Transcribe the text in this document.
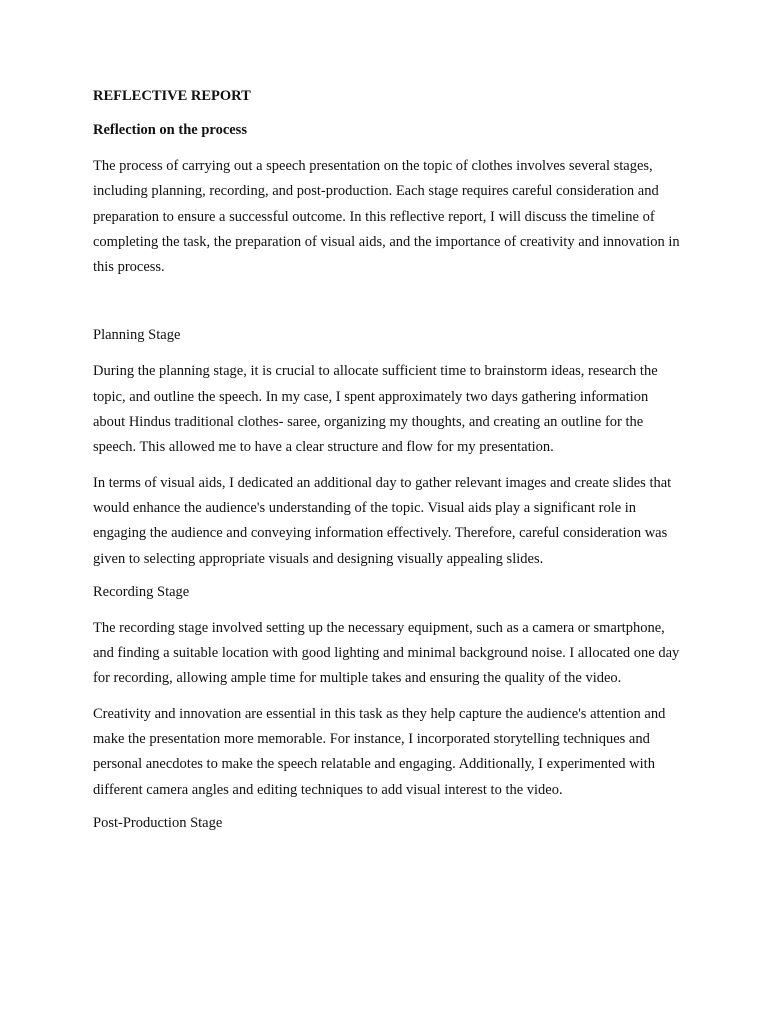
REFLECTIVE REPORT
Reflection on the process

The process of carrying out a speech presentation on the topic of clothes involves several stages, including planning, recording, and post-production. Each stage requires careful consideration and preparation to ensure a successful outcome. In this reflective report, I will discuss the timeline of completing the task, the preparation of visual aids, and the importance of creativity and innovation in this process.

Planning Stage

During the planning stage, it is crucial to allocate sufficient time to brainstorm ideas, research the topic, and outline the speech. In my case, I spent approximately two days gathering information about Hindus traditional clothes- saree, organizing my thoughts, and creating an outline for the speech. This allowed me to have a clear structure and flow for my presentation.

In terms of visual aids, I dedicated an additional day to gather relevant images and create slides that would enhance the audience's understanding of the topic. Visual aids play a significant role in engaging the audience and conveying information effectively. Therefore, careful consideration was given to selecting appropriate visuals and designing visually appealing slides.

Recording Stage

The recording stage involved setting up the necessary equipment, such as a camera or smartphone, and finding a suitable location with good lighting and minimal background noise. I allocated one day for recording, allowing ample time for multiple takes and ensuring the quality of the video.

Creativity and innovation are essential in this task as they help capture the audience's attention and make the presentation more memorable. For instance, I incorporated storytelling techniques and personal anecdotes to make the speech relatable and engaging. Additionally, I experimented with different camera angles and editing techniques to add visual interest to the video.

Post-Production Stage
